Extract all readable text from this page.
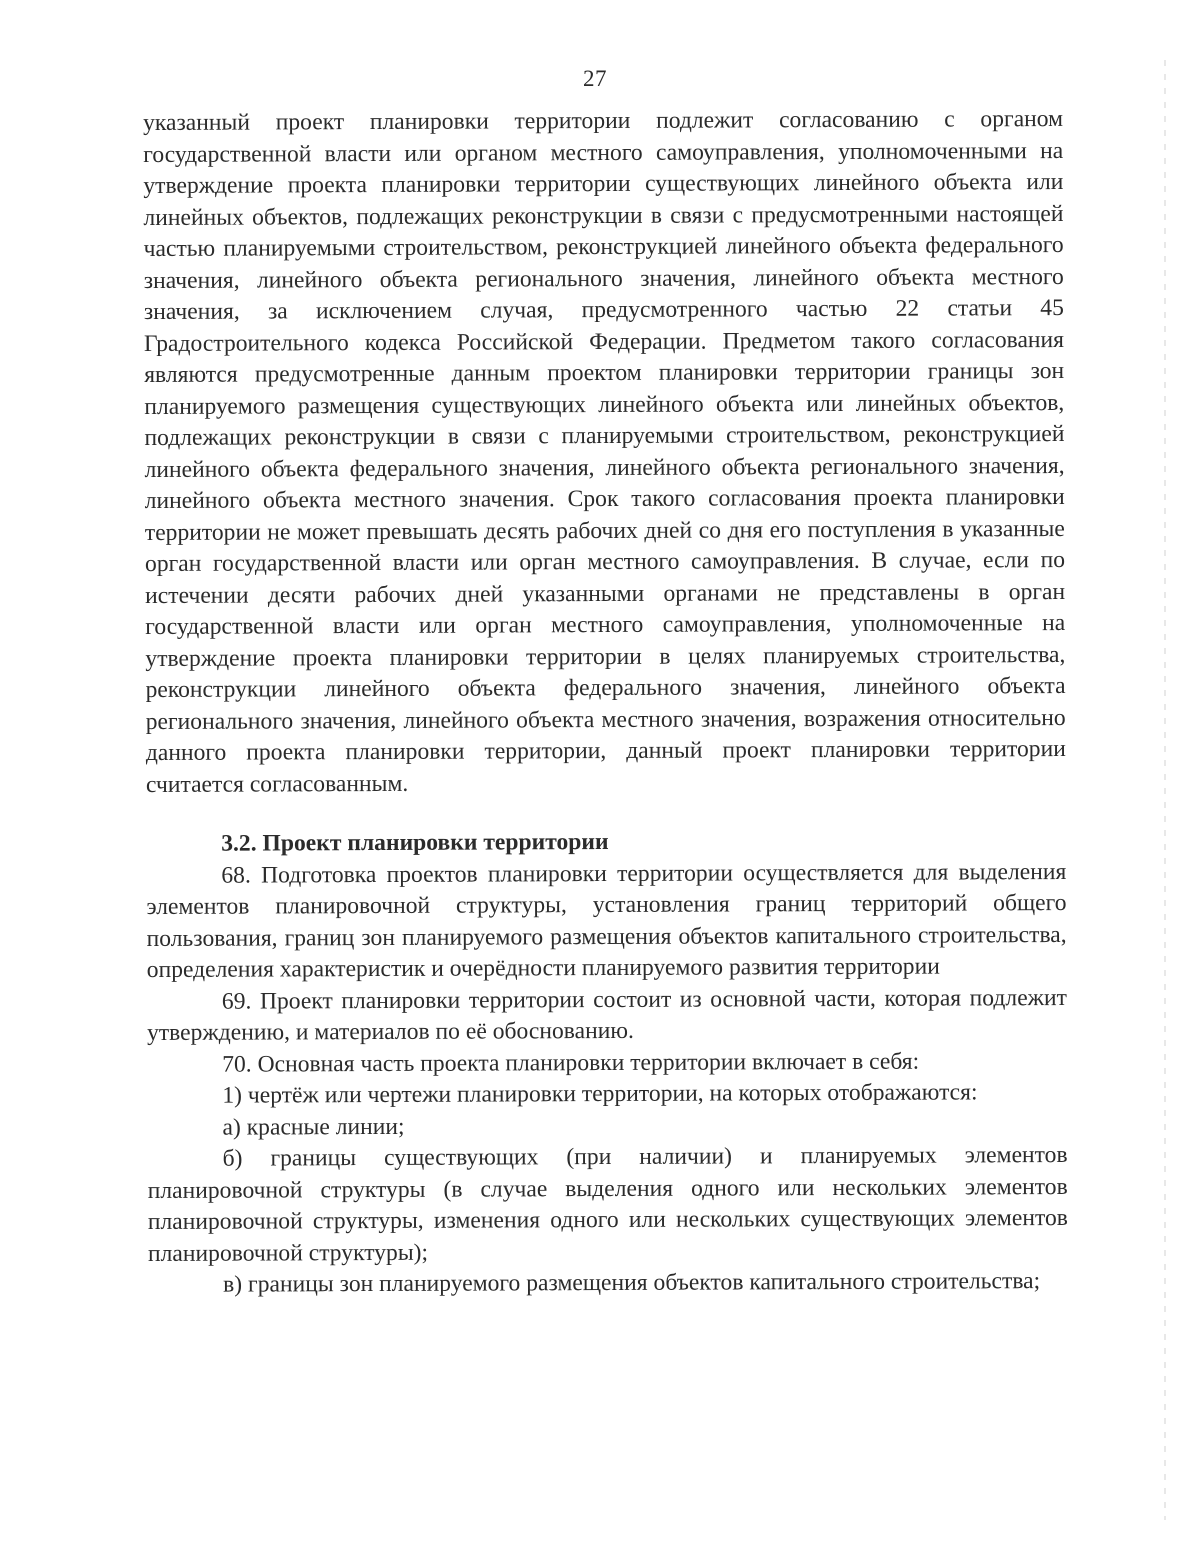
27

указанный проект планировки территории подлежит согласованию с органом государственной власти или органом местного самоуправления, уполномоченными на утверждение проекта планировки территории существующих линейного объекта или линейных объектов, подлежащих реконструкции в связи с предусмотренными настоящей частью планируемыми строительством, реконструкцией линейного объекта федерального значения, линейного объекта регионального значения, линейного объекта местного значения, за исключением случая, предусмотренного частью 22 статьи 45 Градостроительного кодекса Российской Федерации. Предметом такого согласования являются предусмотренные данным проектом планировки территории границы зон планируемого размещения существующих линейного объекта или линейных объектов, подлежащих реконструкции в связи с планируемыми строительством, реконструкцией линейного объекта федерального значения, линейного объекта регионального значения, линейного объекта местного значения. Срок такого согласования проекта планировки территории не может превышать десять рабочих дней со дня его поступления в указанные орган государственной власти или орган местного самоуправления. В случае, если по истечении десяти рабочих дней указанными органами не представлены в орган государственной власти или орган местного самоуправления, уполномоченные на утверждение проекта планировки территории в целях планируемых строительства, реконструкции линейного объекта федерального значения, линейного объекта регионального значения, линейного объекта местного значения, возражения относительно данного проекта планировки территории, данный проект планировки территории считается согласованным.

3.2. Проект планировки территории

68. Подготовка проектов планировки территории осуществляется для выделения элементов планировочной структуры, установления границ территорий общего пользования, границ зон планируемого размещения объектов капитального строительства, определения характеристик и очерёдности планируемого развития территории

69. Проект планировки территории состоит из основной части, которая подлежит утверждению, и материалов по её обоснованию.

70. Основная часть проекта планировки территории включает в себя:

1) чертёж или чертежи планировки территории, на которых отображаются:

а) красные линии;

б) границы существующих (при наличии) и планируемых элементов планировочной структуры (в случае выделения одного или нескольких элементов планировочной структуры, изменения одного или нескольких существующих элементов планировочной структуры);

в) границы зон планируемого размещения объектов капитального строительства;
